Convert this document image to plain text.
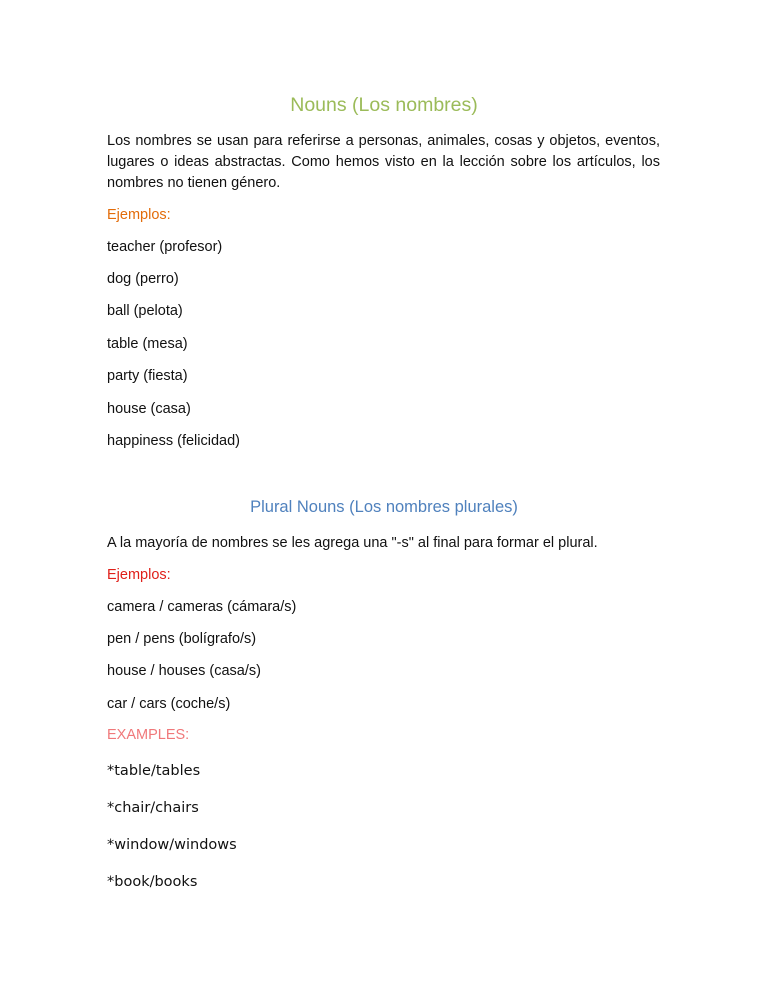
Nouns (Los nombres)
Los nombres se usan para referirse a personas, animales, cosas y objetos, eventos, lugares o ideas abstractas. Como hemos visto en la lección sobre los artículos, los nombres no tienen género.
Ejemplos:
teacher (profesor)
dog (perro)
ball (pelota)
table (mesa)
party (fiesta)
house (casa)
happiness (felicidad)
Plural Nouns (Los nombres plurales)
A la mayoría de nombres se les agrega una "-s" al final para formar el plural.
Ejemplos:
camera / cameras (cámara/s)
pen / pens (bolígrafo/s)
house / houses (casa/s)
car / cars (coche/s)
EXAMPLES:
*table/tables
*chair/chairs
*window/windows
*book/books
